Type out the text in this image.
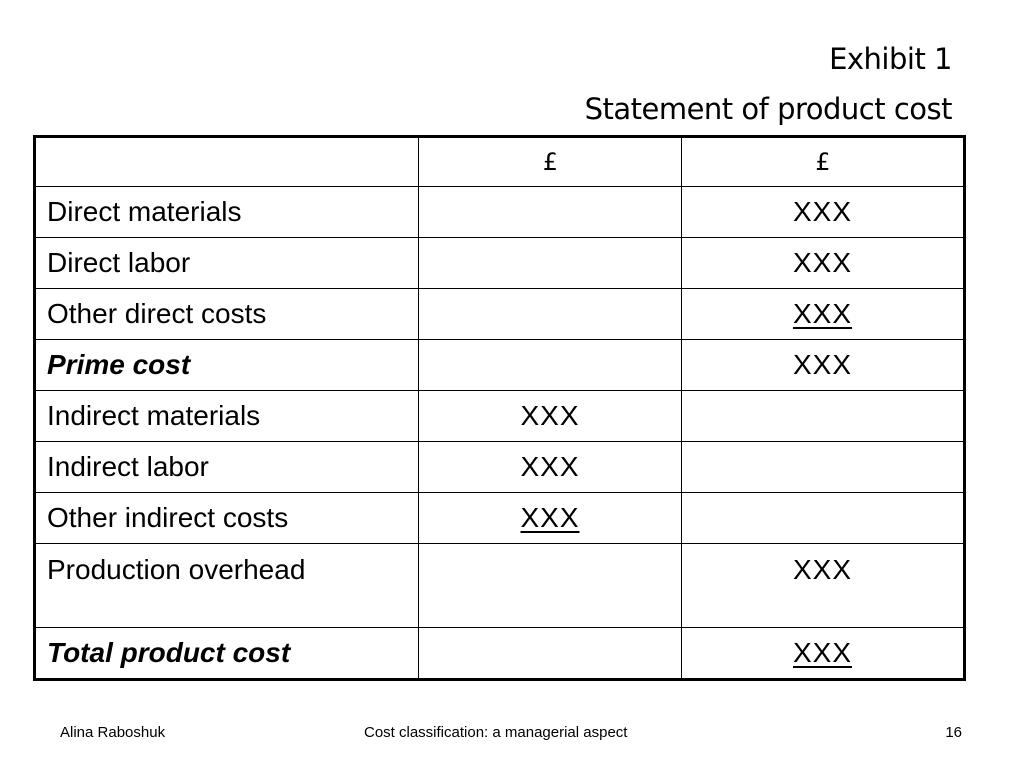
Exhibit 1
Statement of product cost
	£	£
Direct materials		XXX
Direct labor		XXX
Other direct costs		XXX
Prime cost		XXX
Indirect materials	XXX	
Indirect labor	XXX	
Other indirect costs	XXX	
Production overhead		XXX
Total product cost		XXX
Alina Raboshuk	Cost classification: a managerial aspect	16
